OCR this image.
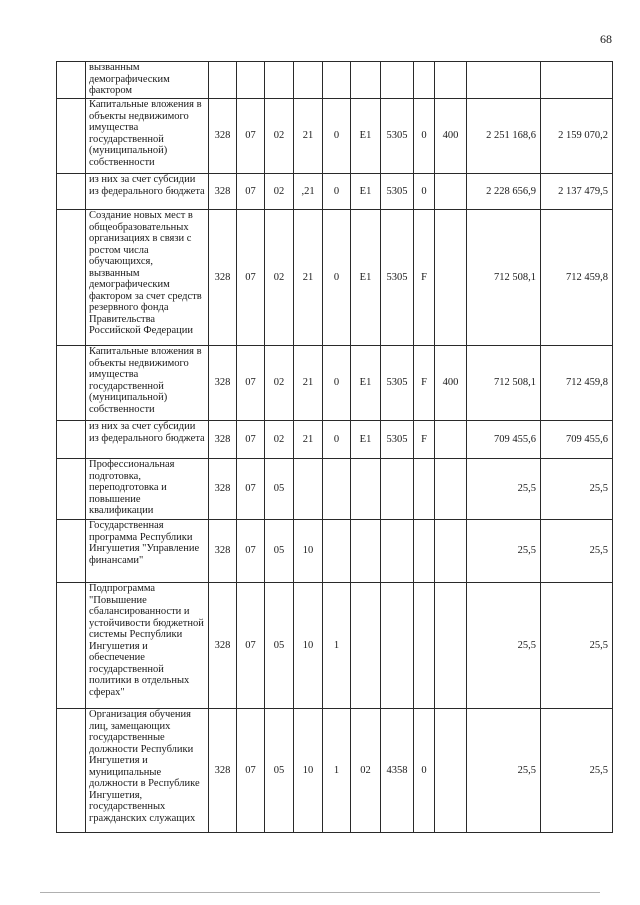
68
	вызванным демографическим фактором											
	Капитальные вложения в объекты недвижимого имущества государственной (муниципальной) собственности	328	07	02	21	0	E1	5305	0	400	2 251 168,6	2 159 070,2
	из них за счет субсидии из федерального бюджета	328	07	02	,21	0	E1	5305	0		2 228 656,9	2 137 479,5
	Создание новых мест в общеобразовательных организациях в связи с ростом числа обучающихся, вызванным демографическим фактором за счет средств резервного фонда Правительства Российской Федерации	328	07	02	21	0	E1	5305	F		712 508,1	712 459,8
	Капитальные вложения в объекты недвижимого имущества государственной (муниципальной) собственности	328	07	02	21	0	E1	5305	F	400	712 508,1	712 459,8
	из них за счет субсидии из федерального бюджета	328	07	02	21	0	E1	5305	F		709 455,6	709 455,6
	Профессиональная подготовка, переподготовка и повышение квалификации	328	07	05							25,5	25,5
	Государственная программа Республики Ингушетия "Управление финансами"	328	07	05	10						25,5	25,5
	Подпрограмма "Повышение сбалансированности и устойчивости бюджетной системы Республики Ингушетия и обеспечение государственной политики в отдельных сферах"	328	07	05	10	1					25,5	25,5
	Организация обучения лиц, замещающих государственные должности Республики Ингушетия и муниципальные должности в Республике Ингушетия, государственных гражданских служащих	328	07	05	10	1	02	4358	0		25,5	25,5
